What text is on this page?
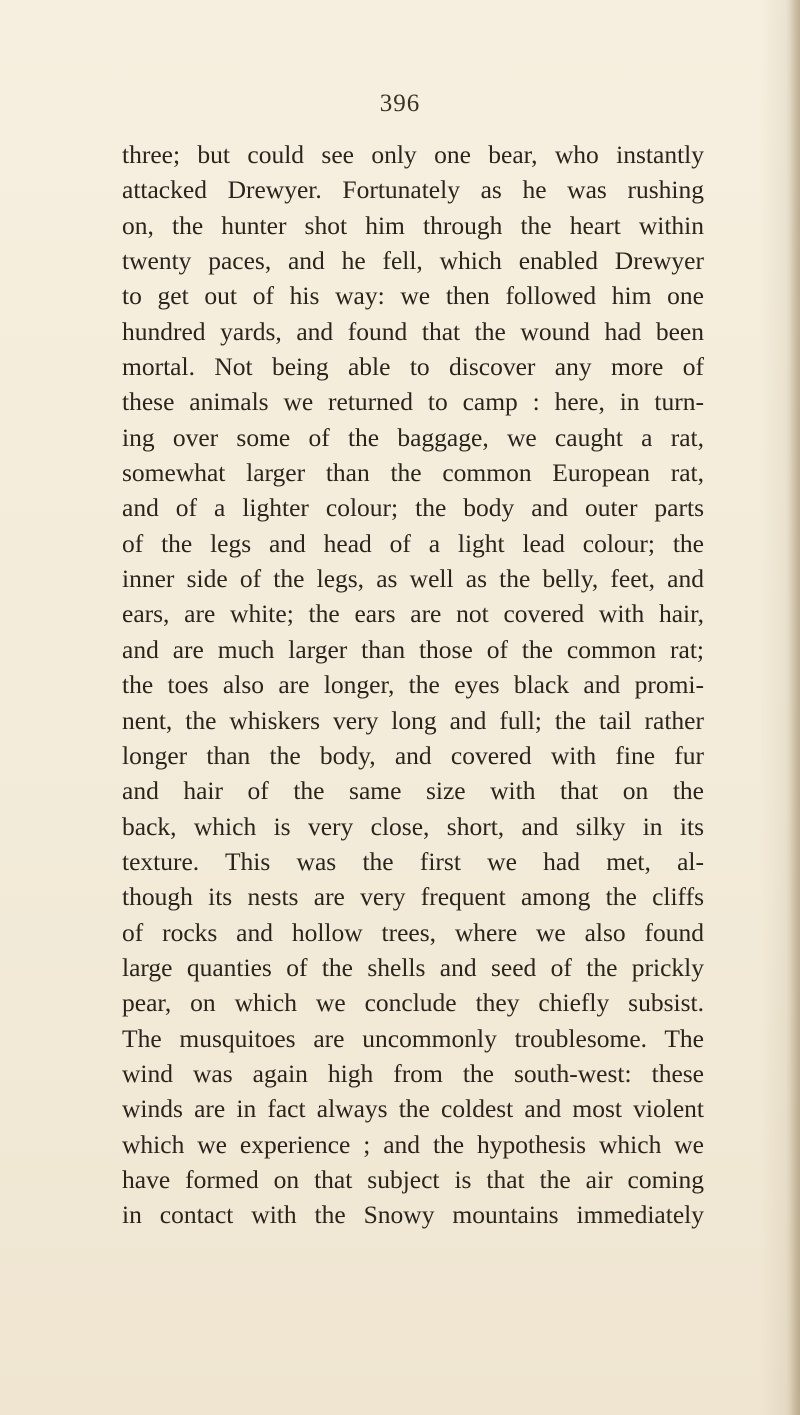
396
three; but could see only one bear, who instantly
attacked Drewyer. Fortunately as he was rushing
on, the hunter shot him through the heart within
twenty paces, and he fell, which enabled Drewyer
to get out of his way: we then followed him one
hundred yards, and found that the wound had been
mortal. Not being able to discover any more of
these animals we returned to camp : here, in turn-
ing over some of the baggage, we caught a rat,
somewhat larger than the common European rat,
and of a lighter colour; the body and outer parts
of the legs and head of a light lead colour; the
inner side of the legs, as well as the belly, feet, and
ears, are white; the ears are not covered with hair,
and are much larger than those of the common rat;
the toes also are longer, the eyes black and promi-
nent, the whiskers very long and full; the tail rather
longer than the body, and covered with fine fur
and hair of the same size with that on the
back, which is very close, short, and silky in its
texture. This was the first we had met, al-
though its nests are very frequent among the cliffs
of rocks and hollow trees, where we also found
large quanties of the shells and seed of the prickly
pear, on which we conclude they chiefly subsist.
The musquitoes are uncommonly troublesome. The
wind was again high from the south-west: these
winds are in fact always the coldest and most violent
which we experience ; and the hypothesis which we
have formed on that subject is that the air coming
in contact with the Snowy mountains immediately
